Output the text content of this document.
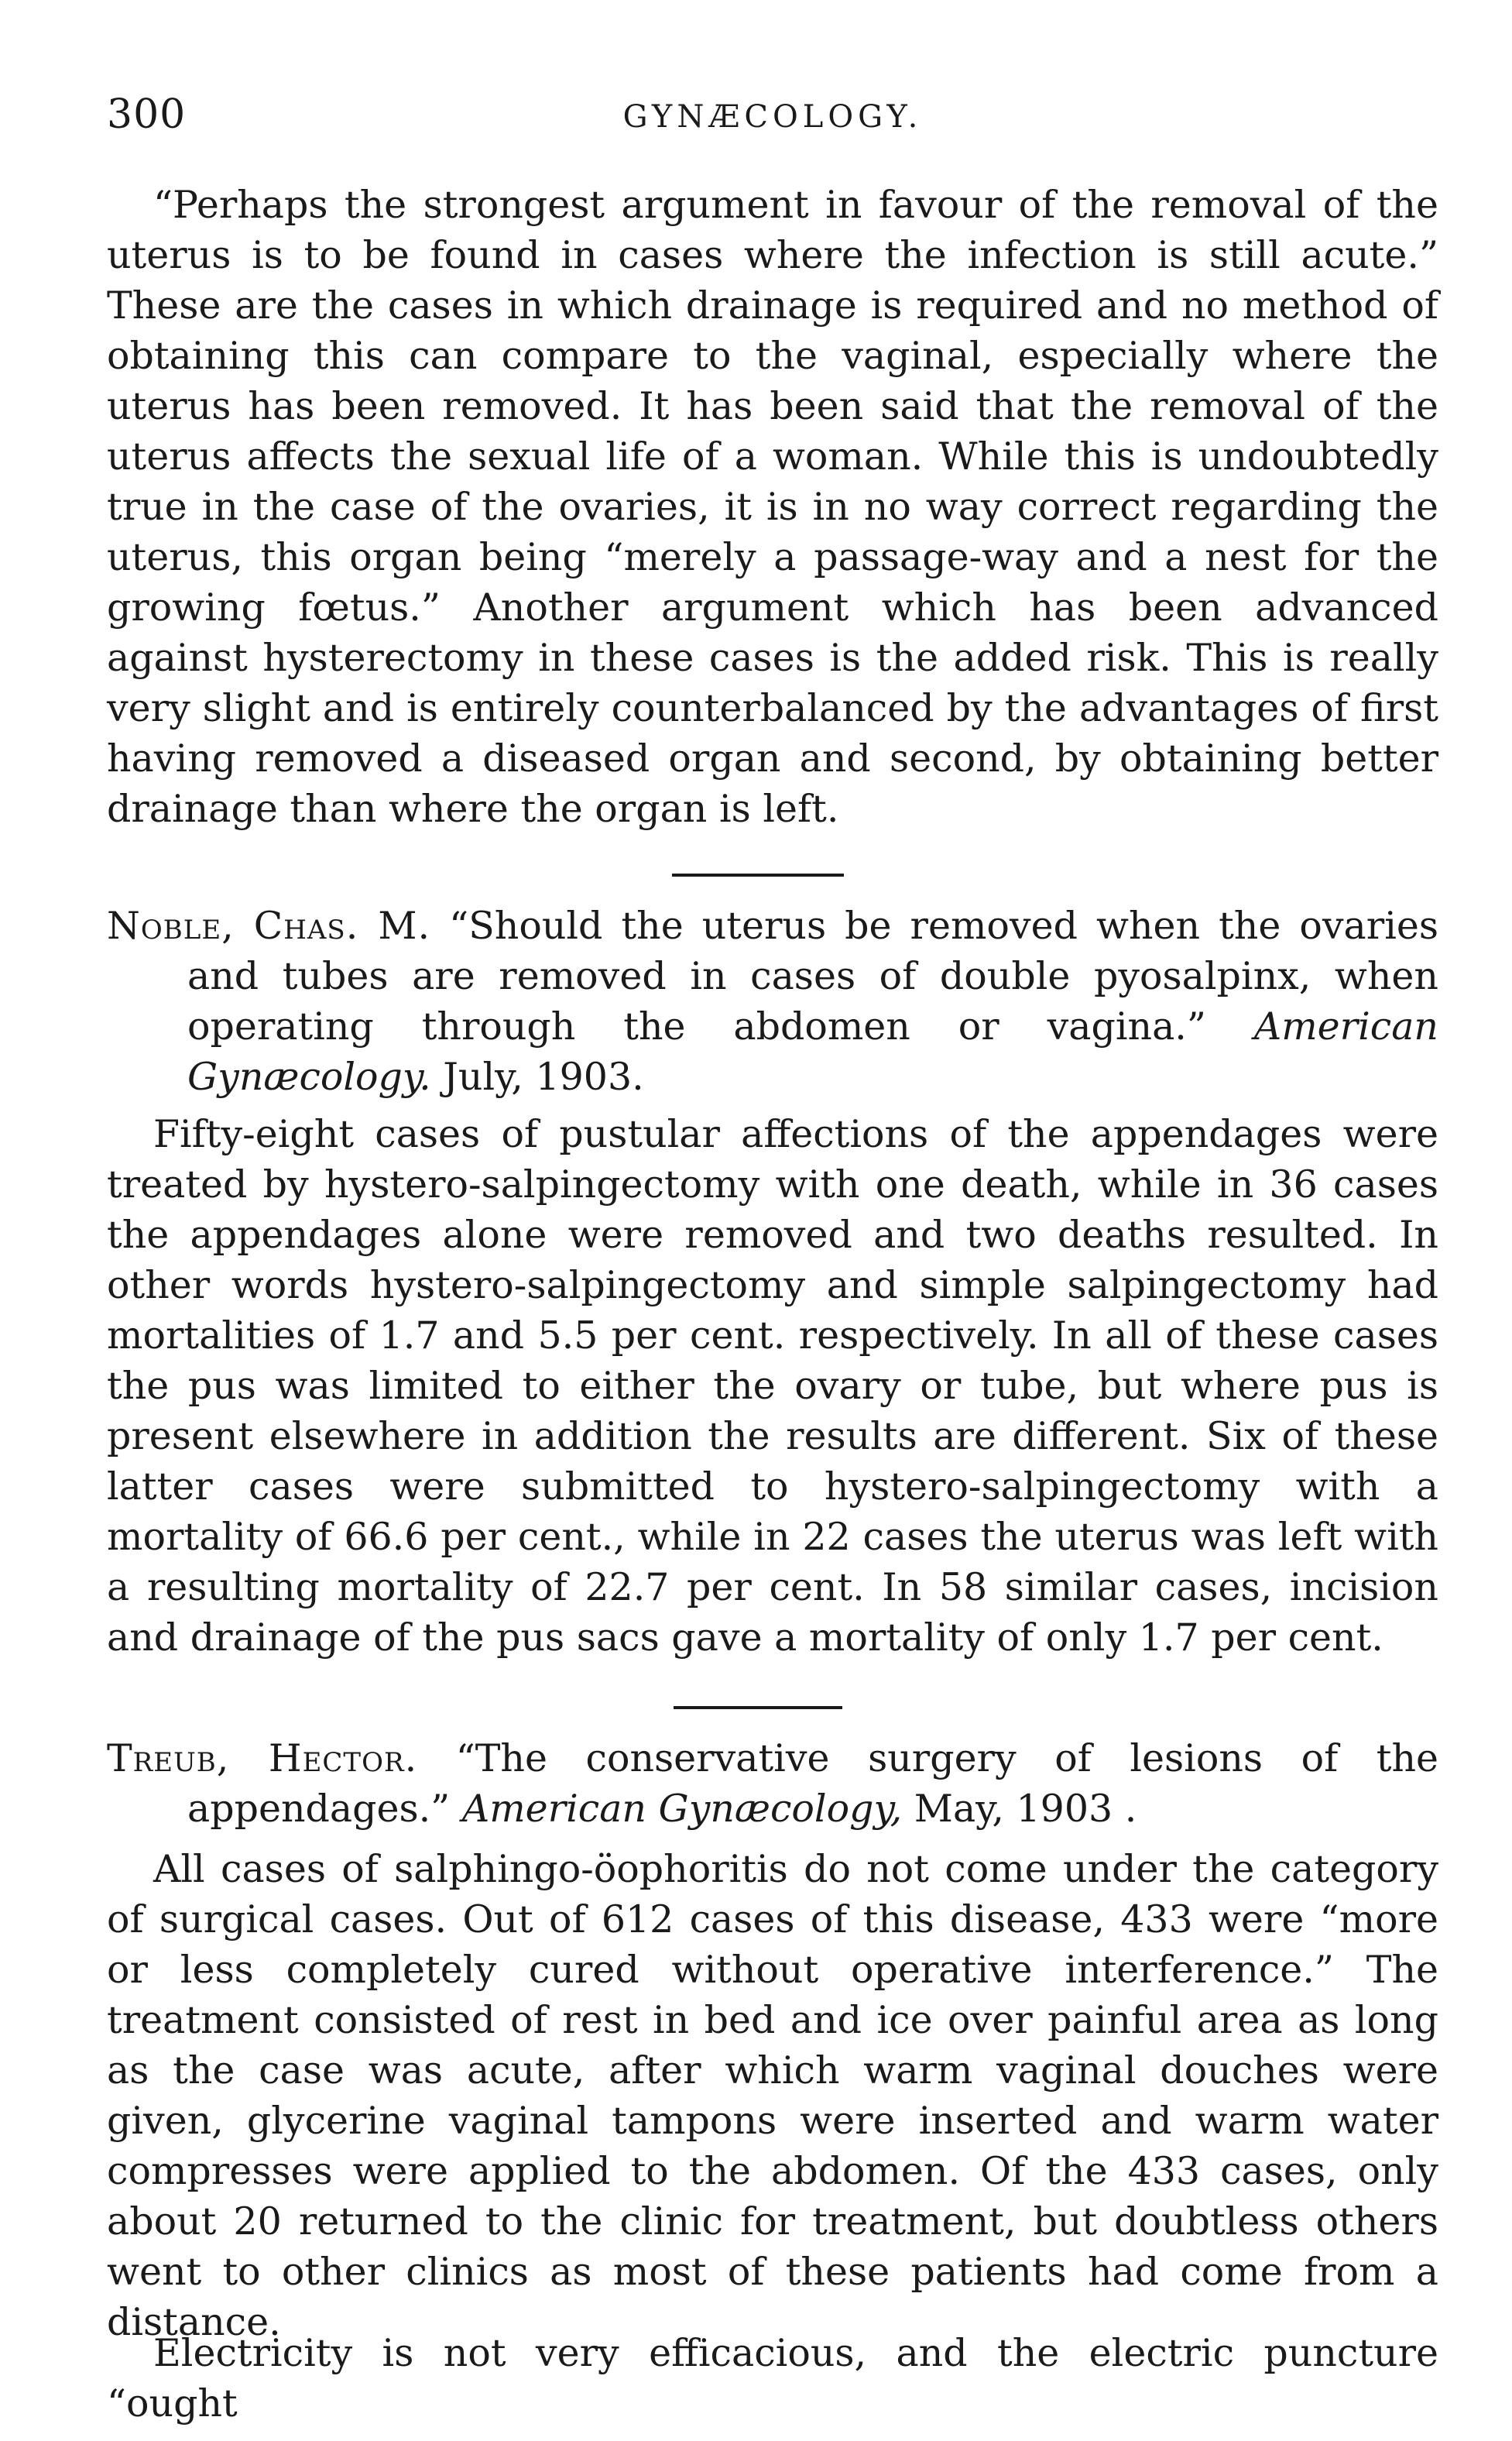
300	GYNÆCOLOGY.

“Perhaps the strongest argument in favour of the removal of the uterus is to be found in cases where the infection is still acute.” These are the cases in which drainage is required and no method of obtaining this can compare to the vaginal, especially where the uterus has been removed. It has been said that the removal of the uterus affects the sexual life of a woman. While this is undoubtedly true in the case of the ovaries, it is in no way correct regarding the uterus, this organ being “merely a passage-way and a nest for the growing fœtus.” Another argument which has been advanced against hysterectomy in these cases is the added risk. This is really very slight and is entirely counterbalanced by the advantages of first having removed a diseased organ and second, by obtaining better drainage than where the organ is left.

Noble, Chas. M. “Should the uterus be removed when the ovaries and tubes are removed in cases of double pyosalpinx, when operating through the abdomen or vagina.” American Gynæcology. July, 1903.

Fifty-eight cases of pustular affections of the appendages were treated by hystero-salpingectomy with one death, while in 36 cases the appendages alone were removed and two deaths resulted. In other words hystero-salpingectomy and simple salpingectomy had mortalities of 1.7 and 5.5 per cent. respectively. In all of these cases the pus was limited to either the ovary or tube, but where pus is present elsewhere in addition the results are different. Six of these latter cases were submitted to hystero-salpingectomy with a mortality of 66.6 per cent., while in 22 cases the uterus was left with a resulting mortality of 22.7 per cent. In 58 similar cases, incision and drainage of the pus sacs gave a mortality of only 1.7 per cent.

Treub, Hector. “The conservative surgery of lesions of the appendages.” American Gynæcology, May, 1903 .

All cases of salphingo-öophoritis do not come under the category of surgical cases. Out of 612 cases of this disease, 433 were “more or less completely cured without operative interference.” The treatment consisted of rest in bed and ice over painful area as long as the case was acute, after which warm vaginal douches were given, glycerine vaginal tampons were inserted and warm water compresses were applied to the abdomen. Of the 433 cases, only about 20 returned to the clinic for treatment, but doubtless others went to other clinics as most of these patients had come from a distance.

Electricity is not very efficacious, and the electric puncture “ought
